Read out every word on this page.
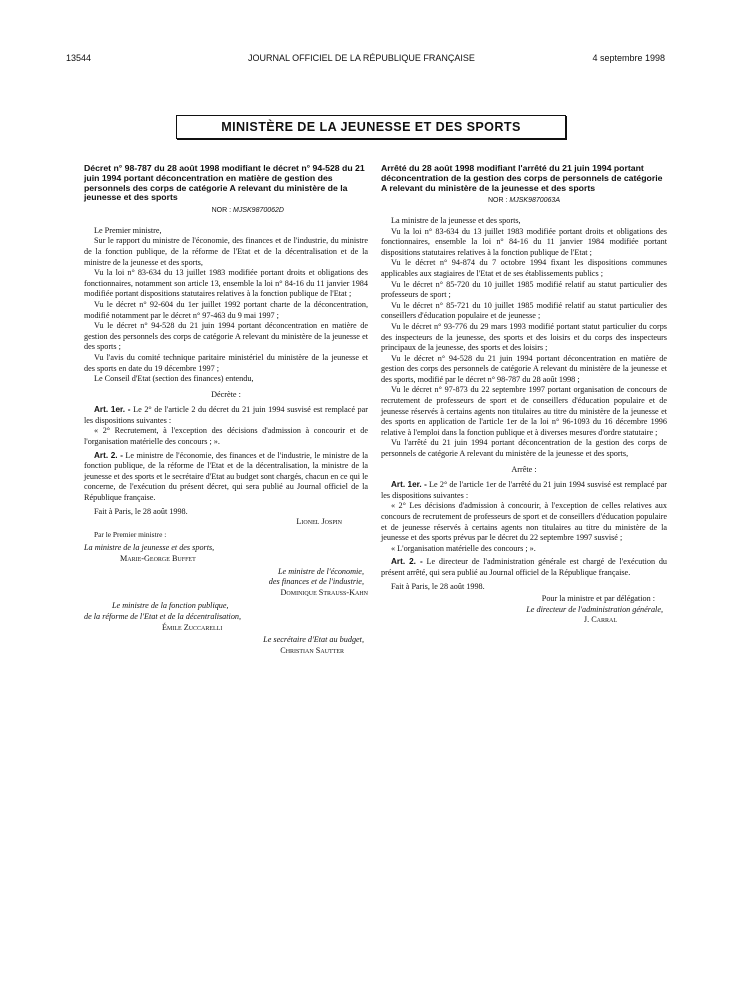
13544	JOURNAL OFFICIEL DE LA RÉPUBLIQUE FRANÇAISE	4 septembre 1998
MINISTÈRE DE LA JEUNESSE ET DES SPORTS

Décret n° 98-787 du 28 août 1998 modifiant le décret n° 94-528 du 21 juin 1994 portant déconcentration en matière de gestion des personnels des corps de catégorie A relevant du ministère de la jeunesse et des sports

NOR : MJSK9870062D

Le Premier ministre,

Sur le rapport du ministre de l'économie, des finances et de l'industrie, du ministre de la fonction publique, de la réforme de l'Etat et de la décentralisation et de la ministre de la jeunesse et des sports,

Vu la loi n° 83-634 du 13 juillet 1983 modifiée portant droits et obligations des fonctionnaires, notamment son article 13, ensemble la loi n° 84-16 du 11 janvier 1984 modifiée portant dispositions statutaires relatives à la fonction publique de l'Etat ;

Vu le décret n° 92-604 du 1er juillet 1992 portant charte de la déconcentration, modifié notamment par le décret n° 97-463 du 9 mai 1997 ;

Vu le décret n° 94-528 du 21 juin 1994 portant déconcentration en matière de gestion des personnels des corps de catégorie A relevant du ministère de la jeunesse et des sports ;

Vu l'avis du comité technique paritaire ministériel du ministère de la jeunesse et des sports en date du 19 décembre 1997 ;

Le Conseil d'Etat (section des finances) entendu,

Décrète :

Art. 1er. - Le 2° de l'article 2 du décret du 21 juin 1994 susvisé est remplacé par les dispositions suivantes :

« 2° Recrutement, à l'exception des décisions d'admission à concourir et de l'organisation matérielle des concours ; ».

Art. 2. - Le ministre de l'économie, des finances et de l'industrie, le ministre de la fonction publique, de la réforme de l'Etat et de la décentralisation, la ministre de la jeunesse et des sports et le secrétaire d'Etat au budget sont chargés, chacun en ce qui le concerne, de l'exécution du présent décret, qui sera publié au Journal officiel de la République française.

Fait à Paris, le 28 août 1998.

Lionel Jospin

Par le Premier ministre :

La ministre de la jeunesse et des sports,

Marie-George Buffet

Le ministre de l'économie,

des finances et de l'industrie,

Dominique Strauss-Kahn

Le ministre de la fonction publique,

de la réforme de l'Etat et de la décentralisation,

Émile Zuccarelli

Le secrétaire d'Etat au budget,

Christian Sautter

Arrêté du 28 août 1998 modifiant l'arrêté du 21 juin 1994 portant déconcentration de la gestion des corps de personnels de catégorie A relevant du ministère de la jeunesse et des sports

NOR : MJSK9870063A

La ministre de la jeunesse et des sports,

Vu la loi n° 83-634 du 13 juillet 1983 modifiée portant droits et obligations des fonctionnaires, ensemble la loi n° 84-16 du 11 janvier 1984 modifiée portant dispositions statutaires relatives à la fonction publique de l'Etat ;

Vu le décret n° 94-874 du 7 octobre 1994 fixant les dispositions communes applicables aux stagiaires de l'Etat et de ses établissements publics ;

Vu le décret n° 85-720 du 10 juillet 1985 modifié relatif au statut particulier des professeurs de sport ;

Vu le décret n° 85-721 du 10 juillet 1985 modifié relatif au statut particulier des conseillers d'éducation populaire et de jeunesse ;

Vu le décret n° 93-776 du 29 mars 1993 modifié portant statut particulier du corps des inspecteurs de la jeunesse, des sports et des loisirs et du corps des inspecteurs principaux de la jeunesse, des sports et des loisirs ;

Vu le décret n° 94-528 du 21 juin 1994 portant déconcentration en matière de gestion des corps des personnels de catégorie A relevant du ministère de la jeunesse et des sports, modifié par le décret n° 98-787 du 28 août 1998 ;

Vu le décret n° 97-873 du 22 septembre 1997 portant organisation de concours de recrutement de professeurs de sport et de conseillers d'éducation populaire et de jeunesse réservés à certains agents non titulaires au titre du ministère de la jeunesse et des sports en application de l'article 1er de la loi n° 96-1093 du 16 décembre 1996 relative à l'emploi dans la fonction publique et à diverses mesures d'ordre statutaire ;

Vu l'arrêté du 21 juin 1994 portant déconcentration de la gestion des corps de personnels de catégorie A relevant du ministère de la jeunesse et des sports,

Arrête :

Art. 1er. - Le 2° de l'article 1er de l'arrêté du 21 juin 1994 susvisé est remplacé par les dispositions suivantes :

« 2° Les décisions d'admission à concourir, à l'exception de celles relatives aux concours de recrutement de professeurs de sport et de conseillers d'éducation populaire et de jeunesse réservés à certains agents non titulaires au titre du ministère de la jeunesse et des sports prévus par le décret du 22 septembre 1997 susvisé ;

« L'organisation matérielle des concours ; ».

Art. 2. - Le directeur de l'administration générale est chargé de l'exécution du présent arrêté, qui sera publié au Journal officiel de la République française.

Fait à Paris, le 28 août 1998.

Pour la ministre et par délégation :

Le directeur de l'administration générale,

J. Carral
